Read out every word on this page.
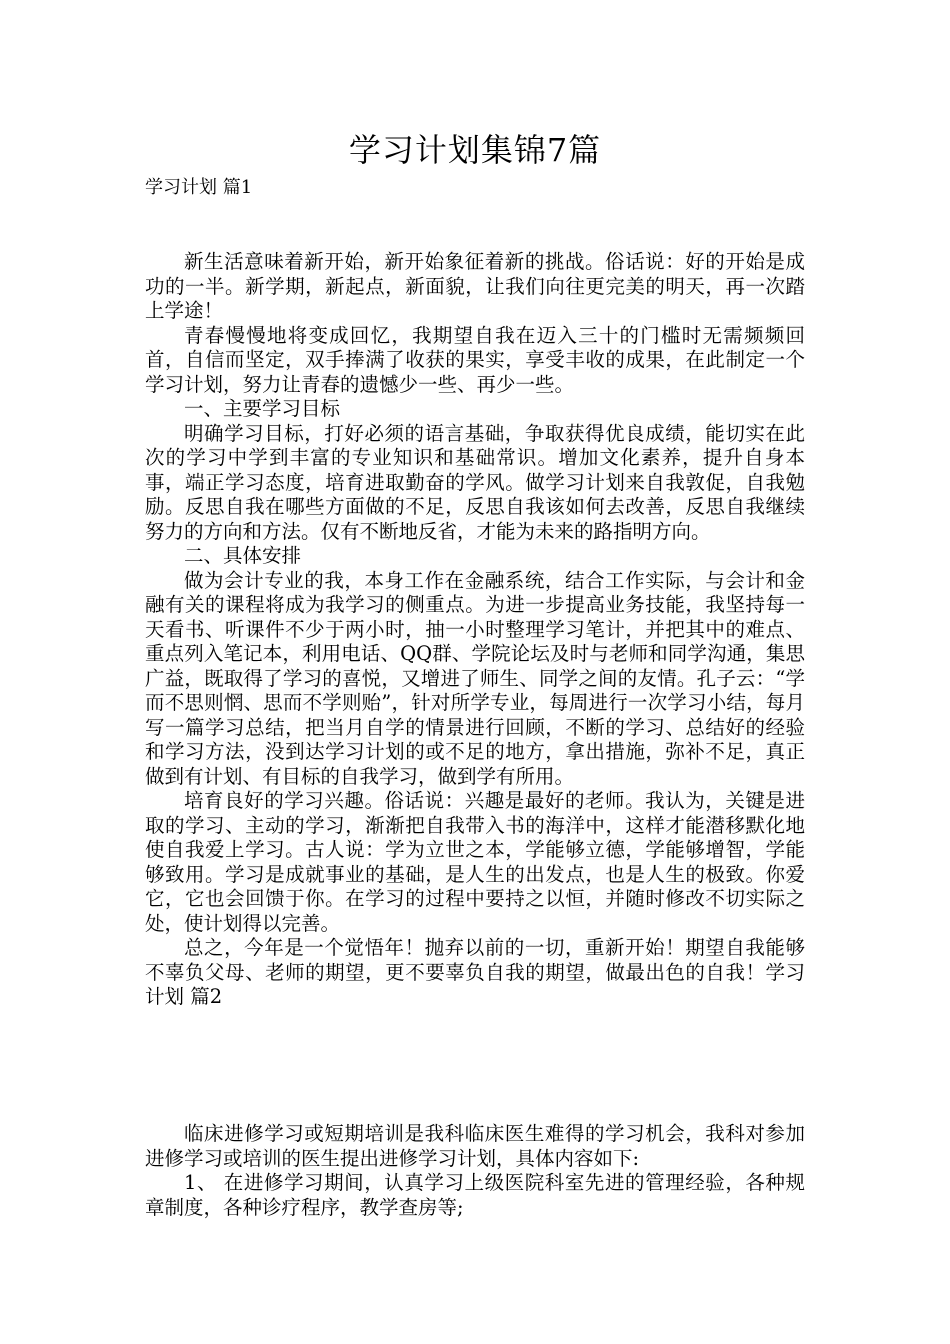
学习计划集锦7篇
学习计划 篇1

新生活意味着新开始，新开始象征着新的挑战。俗话说：好的开始是成功的一半。新学期，新起点，新面貌，让我们向往更完美的明天，再一次踏上学途！

青春慢慢地将变成回忆，我期望自我在迈入三十的门槛时无需频频回首，自信而坚定，双手捧满了收获的果实，享受丰收的成果，在此制定一个学习计划，努力让青春的遗憾少一些、再少一些。

一、主要学习目标

明确学习目标，打好必须的语言基础，争取获得优良成绩，能切实在此次的学习中学到丰富的专业知识和基础常识。增加文化素养，提升自身本事，端正学习态度，培育进取勤奋的学风。做学习计划来自我敦促，自我勉励。反思自我在哪些方面做的不足，反思自我该如何去改善，反思自我继续努力的方向和方法。仅有不断地反省，才能为未来的路指明方向。

二、具体安排

做为会计专业的我，本身工作在金融系统，结合工作实际，与会计和金融有关的课程将成为我学习的侧重点。为进一步提高业务技能，我坚持每一天看书、听课件不少于两小时，抽一小时整理学习笔计，并把其中的难点、重点列入笔记本，利用电话、QQ群、学院论坛及时与老师和同学沟通，集思广益，既取得了学习的喜悦，又增进了师生、同学之间的友情。孔子云：“学而不思则惘、思而不学则贻”，针对所学专业，每周进行一次学习小结，每月写一篇学习总结，把当月自学的情景进行回顾，不断的学习、总结好的经验和学习方法，没到达学习计划的或不足的地方，拿出措施，弥补不足，真正做到有计划、有目标的自我学习，做到学有所用。

培育良好的学习兴趣。俗话说：兴趣是最好的老师。我认为，关键是进取的学习、主动的学习，渐渐把自我带入书的海洋中，这样才能潜移默化地使自我爱上学习。古人说：学为立世之本，学能够立德，学能够增智，学能够致用。学习是成就事业的基础，是人生的出发点，也是人生的极致。你爱它，它也会回馈于你。在学习的过程中要持之以恒，并随时修改不切实际之处，使计划得以完善。

总之，今年是一个觉悟年！抛弃以前的一切，重新开始！期望自我能够不辜负父母、老师的期望，更不要辜负自我的期望，做最出色的自我！学习计划 篇2

临床进修学习或短期培训是我科临床医生难得的学习机会，我科对参加进修学习或培训的医生提出进修学习计划，具体内容如下:

1、 在进修学习期间，认真学习上级医院科室先进的管理经验，各种规章制度，各种诊疗程序，教学查房等;
